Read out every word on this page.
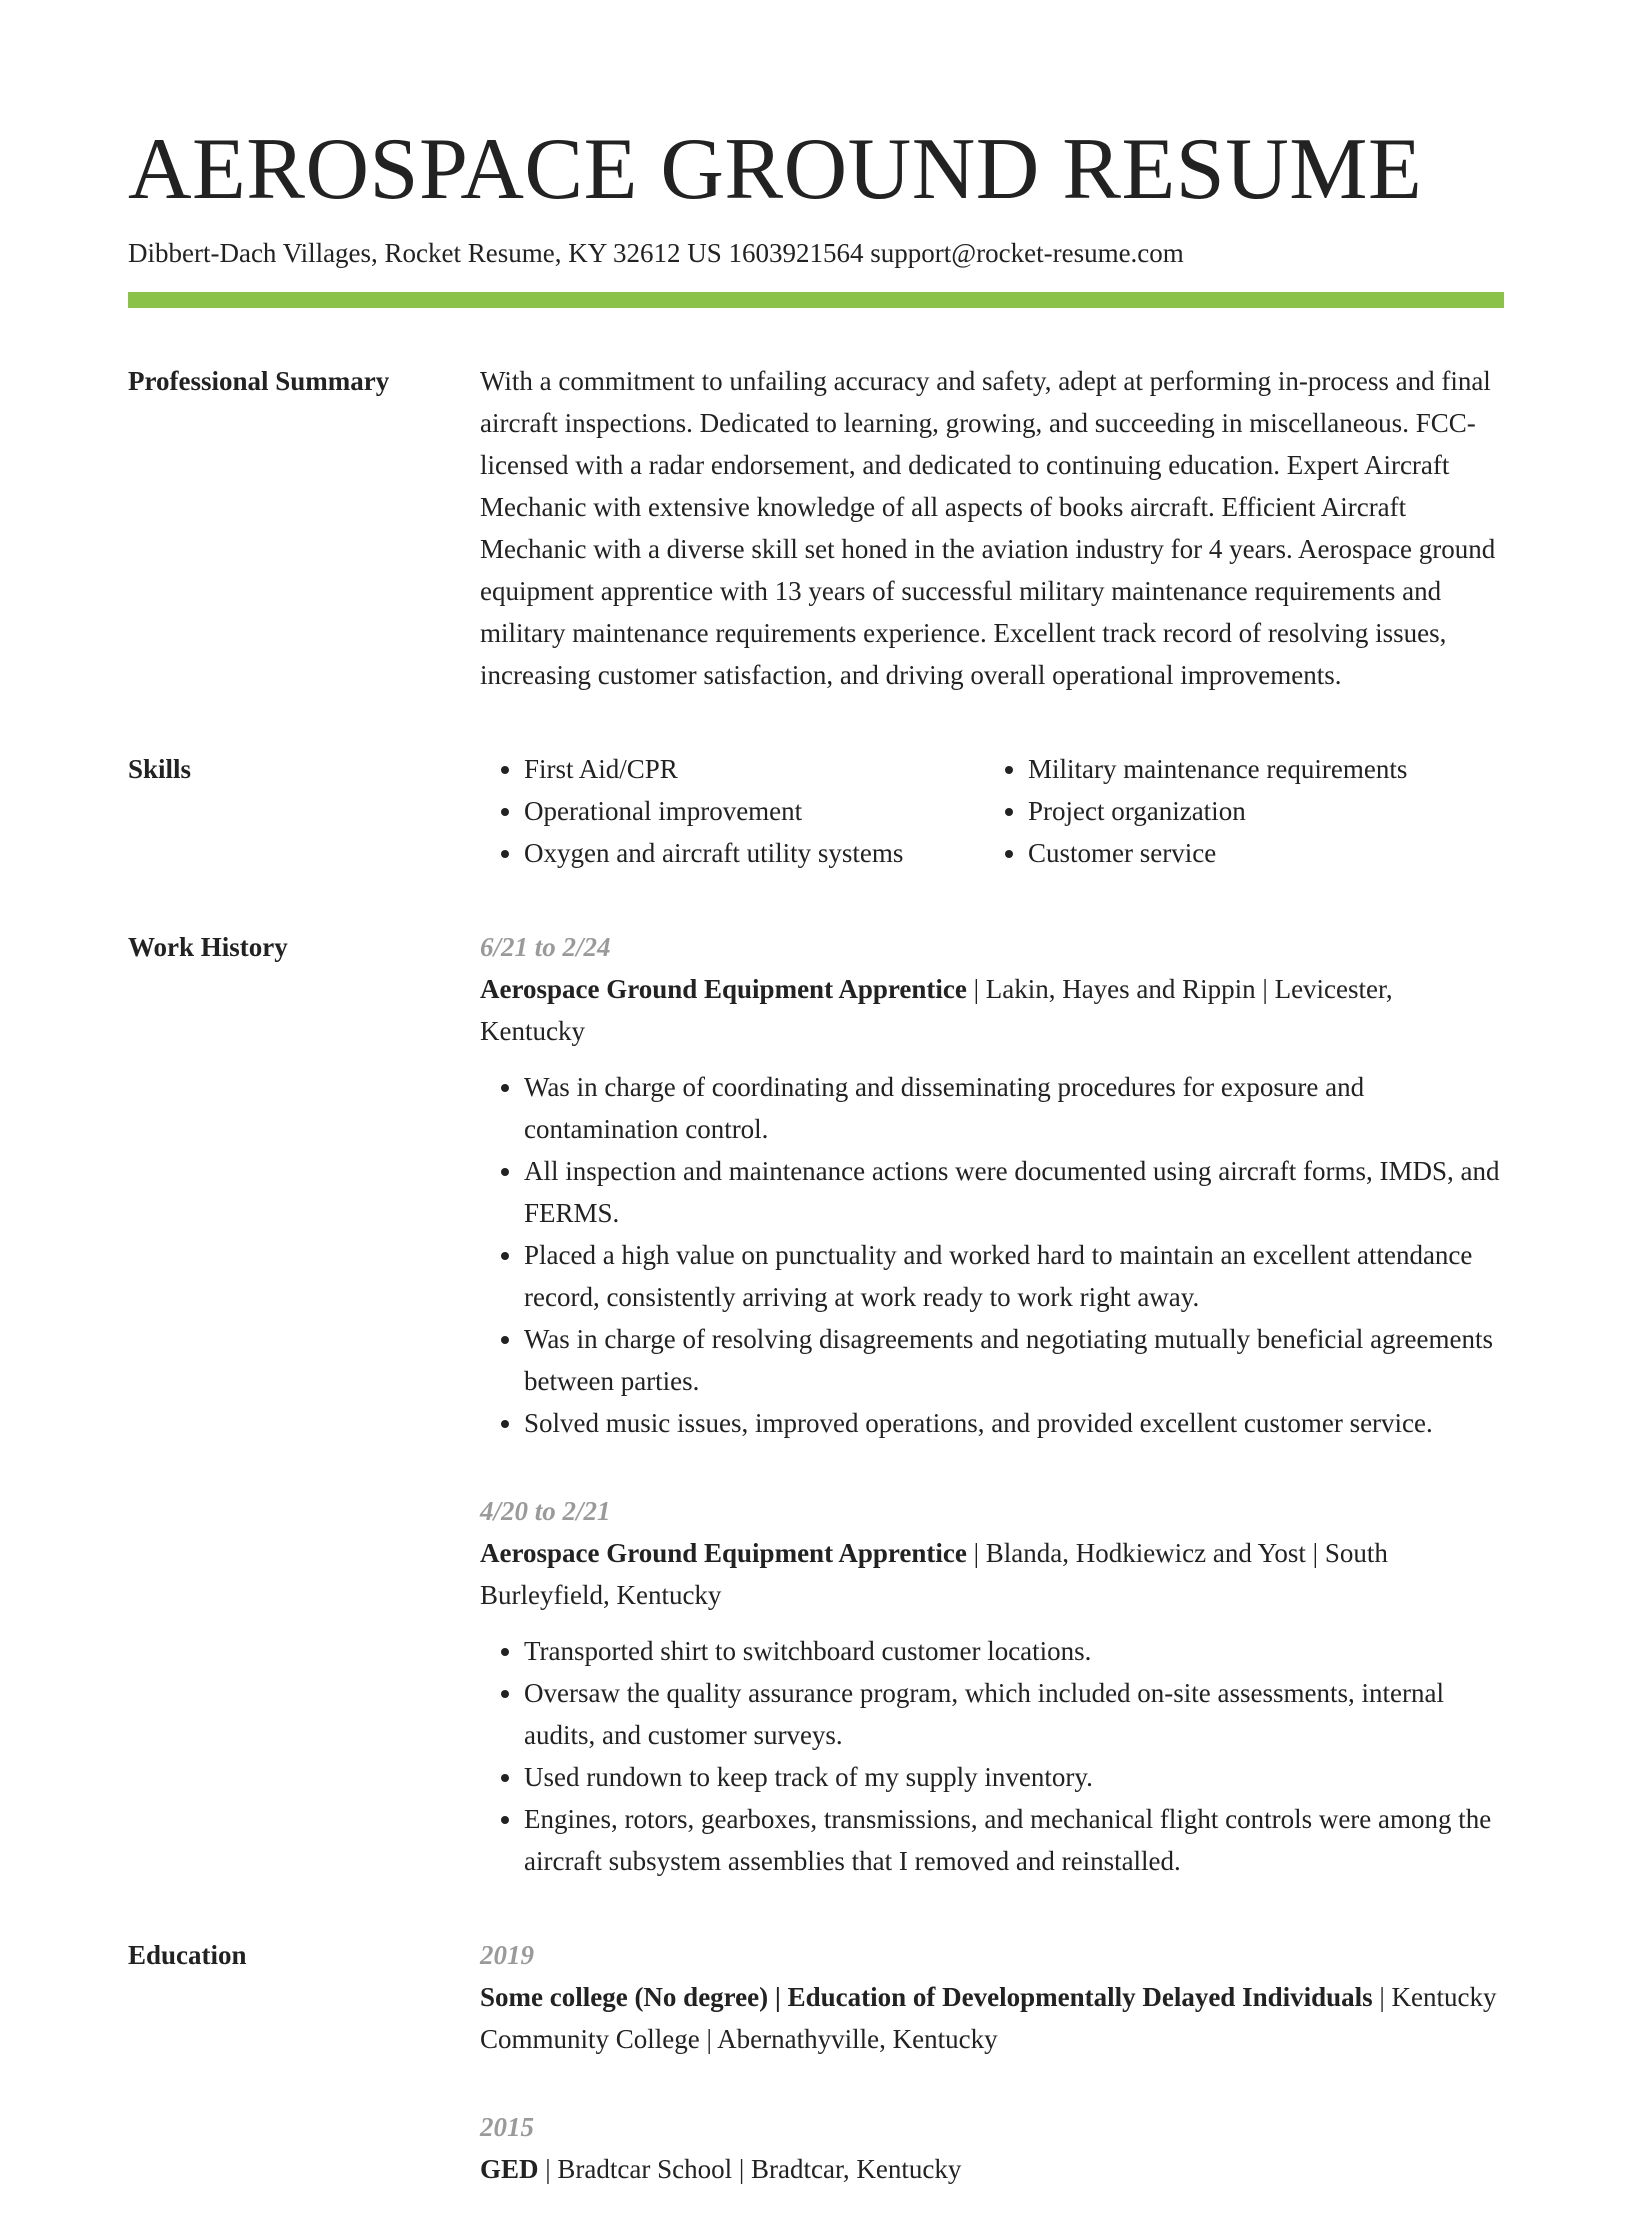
AEROSPACE GROUND RESUME
Dibbert-Dach Villages, Rocket Resume, KY 32612 US 1603921564 support@rocket-resume.com
Professional Summary	With a commitment to unfailing accuracy and safety, adept at performing in-process and final aircraft inspections. Dedicated to learning, growing, and succeeding in miscellaneous. FCC-licensed with a radar endorsement, and dedicated to continuing education. Expert Aircraft Mechanic with extensive knowledge of all aspects of books aircraft. Efficient Aircraft Mechanic with a diverse skill set honed in the aviation industry for 4 years. Aerospace ground equipment apprentice with 13 years of successful military maintenance requirements and military maintenance requirements experience. Excellent track record of resolving issues, increasing customer satisfaction, and driving overall operational improvements.

Skills
•	First Aid/CPR
• Operational improvement
• Oxygen and aircraft utility systems
• Military maintenance requirements
• Project organization
• Customer service
Work History	6/21 to 2/24

Aerospace Ground Equipment Apprentice | Lakin, Hayes and Rippin | Levicester, Kentucky

• Was in charge of coordinating and disseminating procedures for exposure and contamination control.
• All inspection and maintenance actions were documented using aircraft forms, IMDS, and FERMS.
• Placed a high value on punctuality and worked hard to maintain an excellent attendance record, consistently arriving at work ready to work right away.
• Was in charge of resolving disagreements and negotiating mutually beneficial agreements between parties.
• Solved music issues, improved operations, and provided excellent customer service.
4/20 to 2/21

Aerospace Ground Equipment Apprentice | Blanda, Hodkiewicz and Yost | South Burleyfield, Kentucky

• Transported shirt to switchboard customer locations.
• Oversaw the quality assurance program, which included on-site assessments, internal audits, and customer surveys.
• Used rundown to keep track of my supply inventory.
• Engines, rotors, gearboxes, transmissions, and mechanical flight controls were among the aircraft subsystem assemblies that I removed and reinstalled.
Education	2019

Some college (No degree) | Education of Developmentally Delayed Individuals | Kentucky Community College | Abernathyville, Kentucky

2015

GED | Bradtcar School | Bradtcar, Kentucky
